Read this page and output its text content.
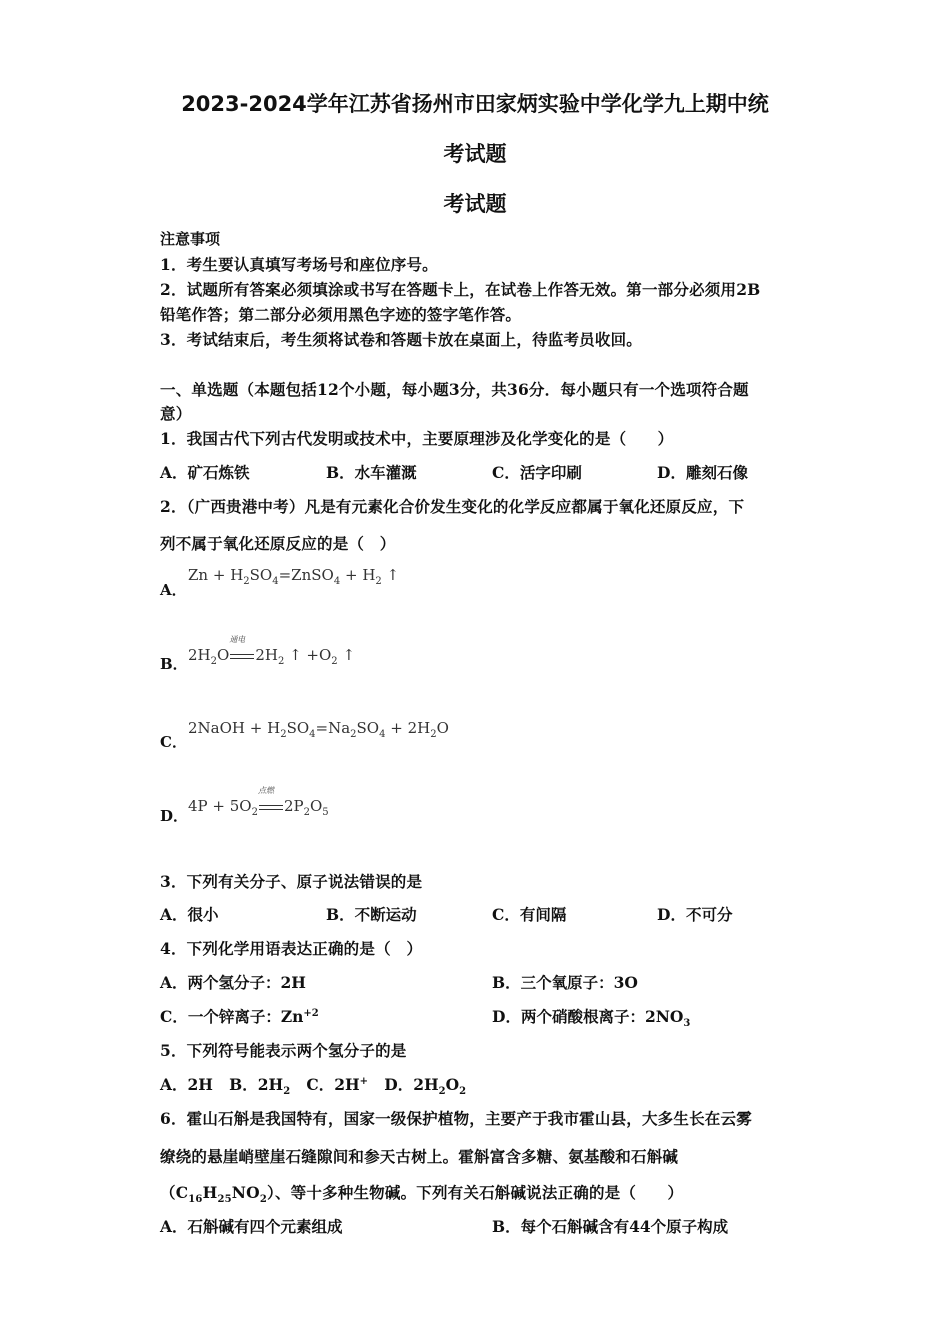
2023-2024学年江苏省扬州市田家炳实验中学化学九上期中统
考试题
考试题
注意事项
1．考生要认真填写考场号和座位序号。
2．试题所有答案必须填涂或书写在答题卡上，在试卷上作答无效。第一部分必须用2B
铅笔作答；第二部分必须用黑色字迹的签字笔作答。
3．考试结束后，考生须将试卷和答题卡放在桌面上，待监考员收回。
一、单选题（本题包括12个小题，每小题3分，共36分．每小题只有一个选项符合题
意）
1．我国古代下列古代发明或技术中，主要原理涉及化学变化的是（　　）
A．矿石炼铁	B．水车灌溉	C．活字印刷	D．雕刻石像
2．（广西贵港中考）凡是有元素化合价发生变化的化学反应都属于氧化还原反应，下
列不属于氧化还原反应的是（　）
A．
$Zn + H_2SO_4=ZnSO_4 + H_2$ ↑
B． $2H_2O$
通电
$2H_2$ ↑ $+O_2$ ↑
C．
2NaOH + $H_2SO_4=Na_2SO_4 + 2H_2O$
D．
$4P + 5O_2$
点燃
$2P_2O_5$
3．下列有关分子、原子说法错误的是
A．很小	B．不断运动	C．有间隔	D．不可分
4．下列化学用语表达正确的是（　）
A．两个氢分子：2H	B．三个氧原子：3O
C．一个锌离子：$Zn^{+2}$	D．两个硝酸根离子：$2NO_3$
5．下列符号能表示两个氢分子的是
A．2H B．$2H_2$ C．2H+ D．$2H_2O_2$
6．霍山石斛是我国特有，国家一级保护植物，主要产于我市霍山县，大多生长在云雾
缭绕的悬崖峭壁崖石缝隙间和参天古树上。霍斛富含多糖、氨基酸和石斛碱
$(C_{16}H_{25}NO_2)$、等十多种生物碱。下列有关石斛碱说法正确的是（　　）
A．石斛碱有四个元素组成	B．每个石斛碱含有44个原子构成
